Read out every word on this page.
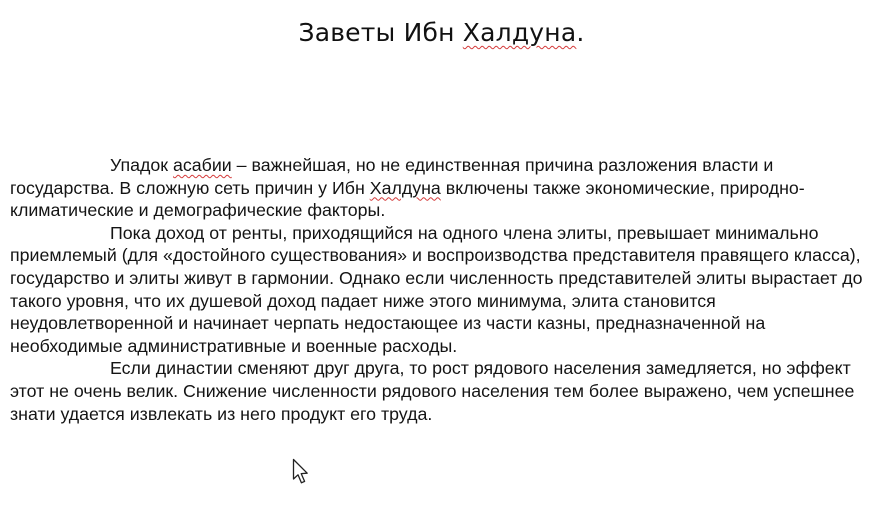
Заветы Ибн Халдуна.

Упадок асабии – важнейшая, но не единственная причина разложения власти и государства. В сложную сеть причин у Ибн Халдуна включены также экономические, природно-климатические и демографические факторы.

Пока доход от ренты, приходящийся на одного члена элиты, превышает минимально приемлемый (для «достойного существования» и воспроизводства представителя правящего класса), государство и элиты живут в гармонии. Однако если численность представителей элиты вырастает до такого уровня, что их душевой доход падает ниже этого минимума, элита становится неудовлетворенной и начинает черпать недостающее из части казны, предназначенной на необходимые административные и военные расходы.

Если династии сменяют друг друга, то рост рядового населения замедляется, но эффект этот не очень велик. Снижение численности рядового населения тем более выражено, чем успешнее знати удается извлекать из него продукт его труда.
